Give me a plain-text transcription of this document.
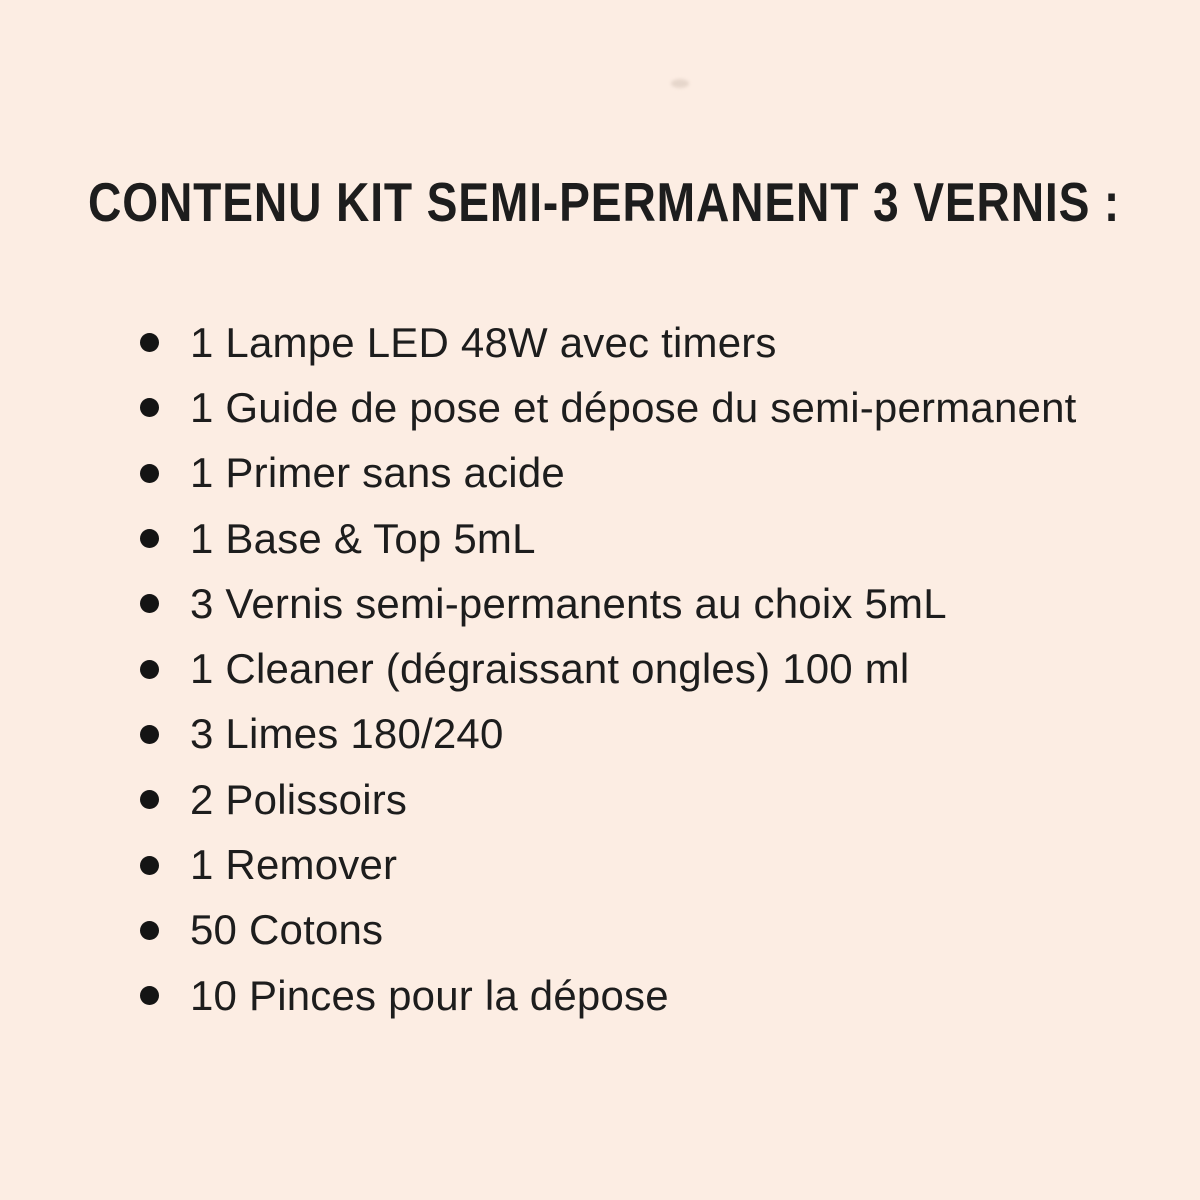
CONTENU KIT SEMI-PERMANENT 3 VERNIS :
1 Lampe LED 48W avec timers
1 Guide de pose et dépose du semi-permanent
1 Primer sans acide
1 Base & Top 5mL
3 Vernis semi-permanents au choix 5mL
1 Cleaner (dégraissant ongles) 100 ml
3 Limes 180/240
2 Polissoirs
1 Remover
50 Cotons
10 Pinces pour la dépose
